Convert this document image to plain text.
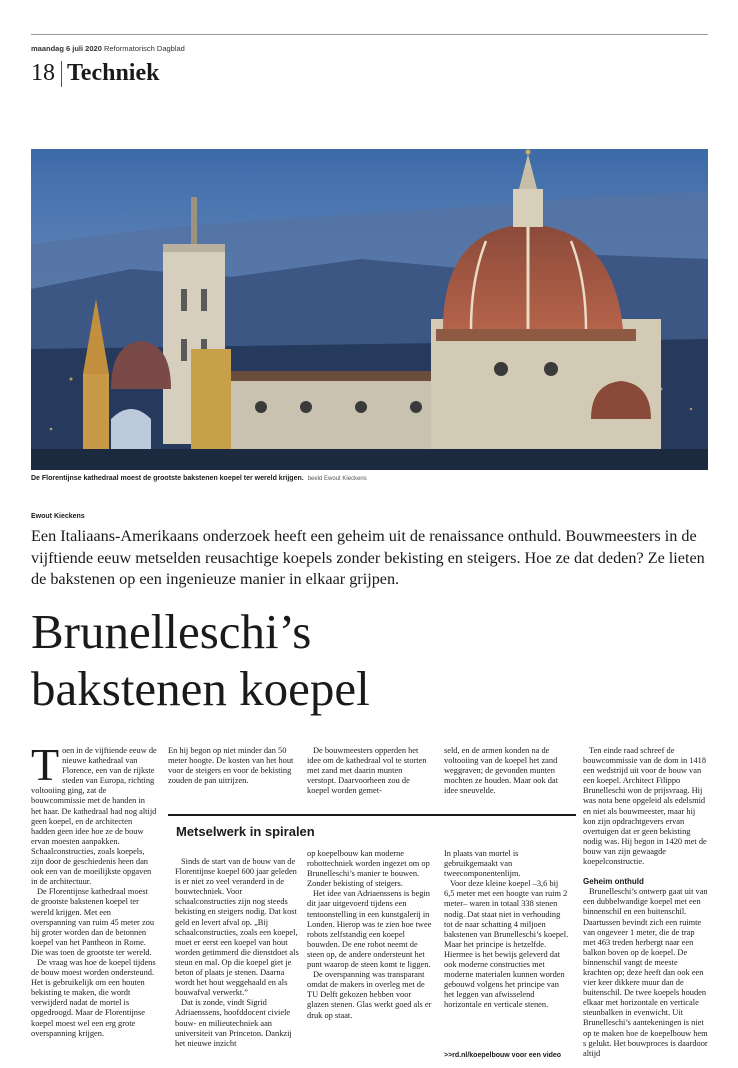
maandag 6 juli 2020 Reformatorisch Dagblad
18 Techniek
De Florentijnse kathedraal moest de grootste bakstenen koepel ter wereld krijgen. beeld Ewout Kieckens
Ewout Kieckens
Een Italiaans-Amerikaans onderzoek heeft een geheim uit de renaissance onthuld. Bouwmeesters in de vijftiende eeuw metselden reusachtige koepels zonder bekisting en steigers. Hoe ze dat deden? Ze lieten de bakstenen op een ingenieuze manier in elkaar grijpen.
Brunelleschi’s
bakstenen koepel
T oen in de vijftiende eeuw de nieuwe kathedraal van Florence, een van de rijkste steden van Europa, richting voltooiing ging, zat de bouwcommissie met de handen in het haar. De kathedraal had nog altijd geen koepel, en de architecten hadden geen idee hoe ze de bouw ervan moesten aanpakken. Schaalconstructies, zoals koepels, zijn door de geschiedenis heen dan ook een van de moeilijkste opgaven in de architectuur.

De Florentijnse kathedraal moest de grootste bakstenen koepel ter wereld krijgen. Met een overspanning van ruim 45 meter zou hij groter worden dan de betonnen koepel van het Pantheon in Rome. Die was toen de grootste ter wereld.

De vraag was hoe de koepel tijdens de bouw moest worden ondersteund. Het is gebruikelijk om een houten bekisting te maken, die wordt verwijderd nadat de mortel is opgedroogd. Maar de Florentijnse koepel moest wel een erg grote overspanning krijgen.

En hij begon op niet minder dan 50 meter hoogte. De kosten van het hout voor de steigers en voor de bekisting zouden de pan uitrijzen.

De bouwmeesters opperden het idee om de kathedraal vol te storten met zand met daarin munten verstopt. Daarvoorheen zou de koepel worden gemet-

seld, en de armen konden na de voltooiing van de koepel het zand weggraven; de gevonden munten mochten ze houden. Maar ook dat idee sneuvelde.

Metselwerk in spiralen

Sinds de start van de bouw van de Florentijnse koepel 600 jaar geleden is er niet zo veel veranderd in de bouwtechniek. Voor schaalconstructies zijn nog steeds bekisting en steigers nodig. Dat kost geld en levert afval op. „Bij schaalconstructies, zoals een koepel, moet er eerst een koepel van hout worden getimmerd die dienstdoet als steun en mal. Op die koepel giet je beton of plaats je stenen. Daarna wordt het hout weggehaald en als bouwafval verwerkt.”

Dat is zonde, vindt Sigrid Adriaenssens, hoofddocent civiele bouw- en milieutechniek aan universiteit van Princeton. Dankzij het nieuwe inzicht

op koepelbouw kan moderne robottechniek worden ingezet om op Brunelleschi’s manier te bouwen. Zonder bekisting of steigers.

Het idee van Adriaenssens is begin dit jaar uitgevoerd tijdens een tentoonstelling in een kunstgalerij in Londen. Hierop was te zien hoe twee robots zelfstandig een koepel bouwden. De ene robot neemt de steen op, de andere ondersteunt het punt waarop de steen komt te liggen.

De overspanning was transparant omdat de makers in overleg met de TU Delft gekozen hebben voor glazen stenen. Glas werkt goed als er druk op staat.

In plaats van mortel is gebruikgemaakt van tweecomponentenlijm.

Voor deze kleine koepel –3,6 bij 6,5 meter met een hoogte van ruim 2 meter– waren in totaal 338 stenen nodig. Dat staat niet in verhouding tot de naar schatting 4 miljoen bakstenen van Brunelleschi’s koepel. Maar het principe is hetzelfde. Hiermee is het bewijs geleverd dat ook moderne constructies met moderne materialen kunnen worden gebouwd volgens het principe van het leggen van afwisselend horizontale en verticale stenen.

>>rd.nl/koepelbouw voor een video

Ten einde raad schreef de bouwcommissie van de dom in 1418 een wedstrijd uit voor de bouw van een koepel. Architect Filippo Brunelleschi won de prijsvraag. Hij was nota bene opgeleid als edelsmid en niet als bouwmeester, maar hij kon zijn opdrachtgevers ervan overtuigen dat er geen bekisting nodig was. Hij begon in 1420 met de bouw van zijn gewaagde koepelconstructie.

Geheim onthuld

Brunelleschi’s ontwerp gaat uit van een dubbelwandige koepel met een binnenschil en een buitenschil. Daartussen bevindt zich een ruimte van ongeveer 1 meter, die de trap met 463 treden herbergt naar een balkon boven op de koepel. De binnenschil vangt de meeste krachten op; deze heeft dan ook een vier keer dikkere muur dan de buitenschil. De twee koepels houden elkaar met horizontale en verticale steunbalken in evenwicht. Uit Brunelleschi’s aantekeningen is niet op te maken hoe de koepelbouw hem s gelukt. Het bouwproces is daardoor altijd
